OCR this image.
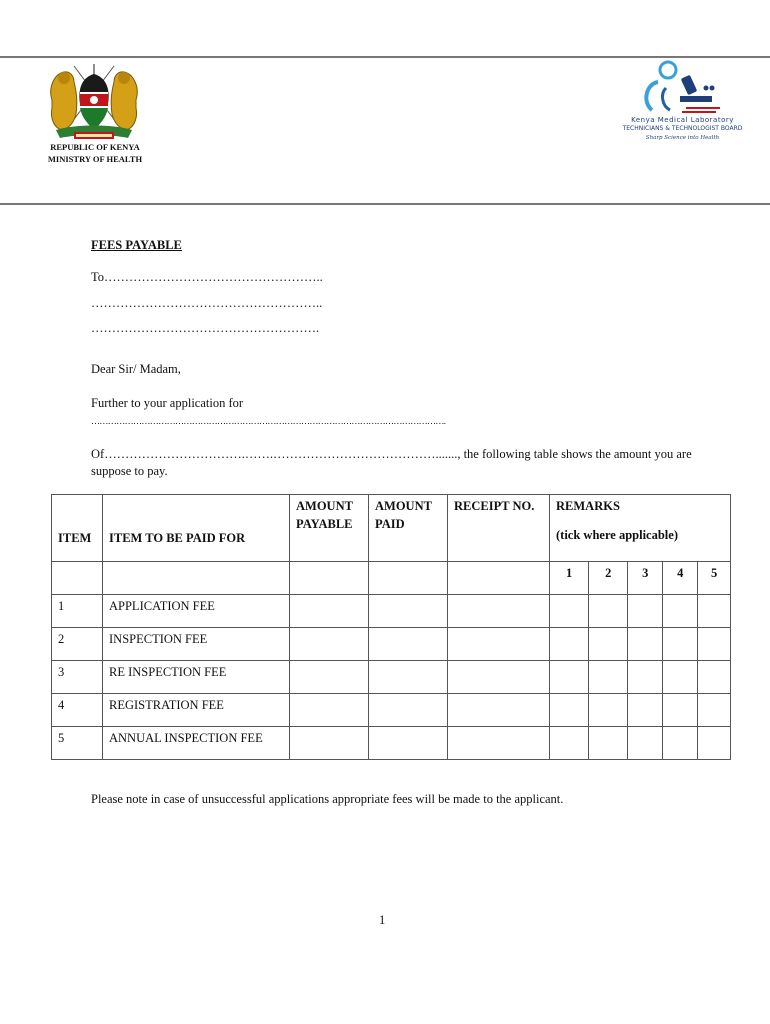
REPUBLIC OF KENYA
MINISTRY OF HEALTH
Kenya Medical Laboratory
TECHNICIANS & TECHNOLOGIST BOARD
Sharp Science into Health
FEES PAYABLE
To……………………………………………..
………………………………………………..
……………………………………………….
Dear Sir/ Madam,
Further to your application for
……………………………………………………………………………………………………………….
Of…………………………….…….…………………………………......., the following table shows the amount you are
suppose to pay.
ITEM	ITEM TO BE PAID FOR	AMOUNT PAYABLE	AMOUNT PAID	RECEIPT NO.	REMARKS
(tick where applicable)				

					1	2	3	4	5

1	APPLICATION FEE								

2	INSPECTION FEE								

3	RE INSPECTION FEE								

4	REGISTRATION FEE								

5	ANNUAL INSPECTION FEE								

Please note in case of unsuccessful applications appropriate fees will be made to the applicant.
1
